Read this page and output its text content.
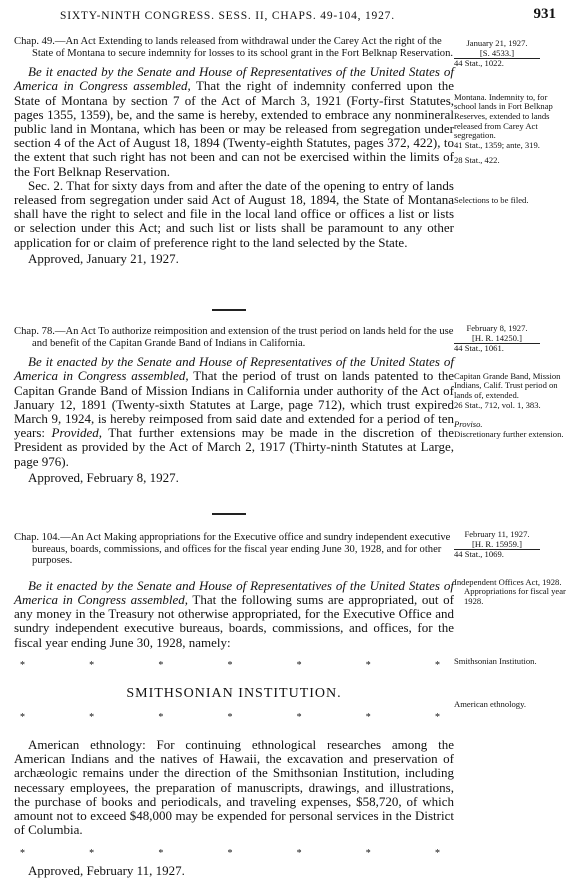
SIXTY-NINTH CONGRESS. SESS. II, CHAPS. 49-104, 1927.	931
Chap. 49.—An Act Extending to lands released from withdrawal under the Carey Act the right of the State of Montana to secure indemnity for losses to its school grant in the Fort Belknap Reservation.

Be it enacted by the Senate and House of Representatives of the United States of America in Congress assembled, That the right of indemnity conferred upon the State of Montana by section 7 of the Act of March 3, 1921 (Forty-first Statutes, pages 1355, 1359), be, and the same is hereby, extended to embrace any nonmineral public land in Montana, which has been or may be released from segregation under section 4 of the Act of August 18, 1894 (Twenty-eighth Statutes, pages 372, 422), to the extent that such right has not been and can not be exercised within the limits of the Fort Belknap Reservation.

Sec. 2. That for sixty days from and after the date of the opening to entry of lands released from segregation under said Act of August 18, 1894, the State of Montana shall have the right to select and file in the local land office or offices a list or lists or selection under this Act; and such list or lists shall be paramount to any other application for or claim of preference right to the land selected by the State.

Approved, January 21, 1927.
January 21, 1927.
[S. 4533.]
44 Stat., 1022.
Montana. Indemnity to, for school lands in Fort Belknap Reserves, extended to lands released from Carey Act segregation.
41 Stat., 1359; ante, 319.
28 Stat., 422.
Selections to be filed.
Chap. 78.—An Act To authorize reimposition and extension of the trust period on lands held for the use and benefit of the Capitan Grande Band of Indians in California.

Be it enacted by the Senate and House of Representatives of the United States of America in Congress assembled, That the period of trust on lands patented to the Capitan Grande Band of Mission Indians in California under authority of the Act of January 12, 1891 (Twenty-sixth Statutes at Large, page 712), which trust expired March 9, 1924, is hereby reimposed from said date and extended for a period of ten years: Provided, That further extensions may be made in the discretion of the President as provided by the Act of March 2, 1917 (Thirty-ninth Statutes at Large, page 976).

Approved, February 8, 1927.
February 8, 1927.
[H. R. 14250.]
44 Stat., 1061.
Capitan Grande Band, Mission Indians, Calif. Trust period on lands of, extended.
26 Stat., 712, vol. 1, 383.
Proviso.
Discretionary further extension.
Chap. 104.—An Act Making appropriations for the Executive office and sundry independent executive bureaus, boards, commissions, and offices for the fiscal year ending June 30, 1928, and for other purposes.

Be it enacted by the Senate and House of Representatives of the United States of America in Congress assembled, That the following sums are appropriated, out of any money in the Treasury not otherwise appropriated, for the Executive Office and sundry independent executive bureaus, boards, commissions, and offices, for the fiscal year ending June 30, 1928, namely:

*	*	*	*	*	*	*
SMITHSONIAN INSTITUTION.
*	*	*	*	*	*	*

American ethnology: For continuing ethnological researches among the American Indians and the natives of Hawaii, the excavation and preservation of archæologic remains under the direction of the Smithsonian Institution, including necessary employees, the preparation of manuscripts, drawings, and illustrations, the purchase of books and periodicals, and traveling expenses, $58,720, of which amount not to exceed $48,000 may be expended for personal services in the District of Columbia.

*	*	*	*	*	*	*
Approved, February 11, 1927.
February 11, 1927.
[H. R. 15959.]
44 Stat., 1069.
Independent Offices Act, 1928.
Appropriations for fiscal year 1928.
Smithsonian Institution.
American ethnology.
